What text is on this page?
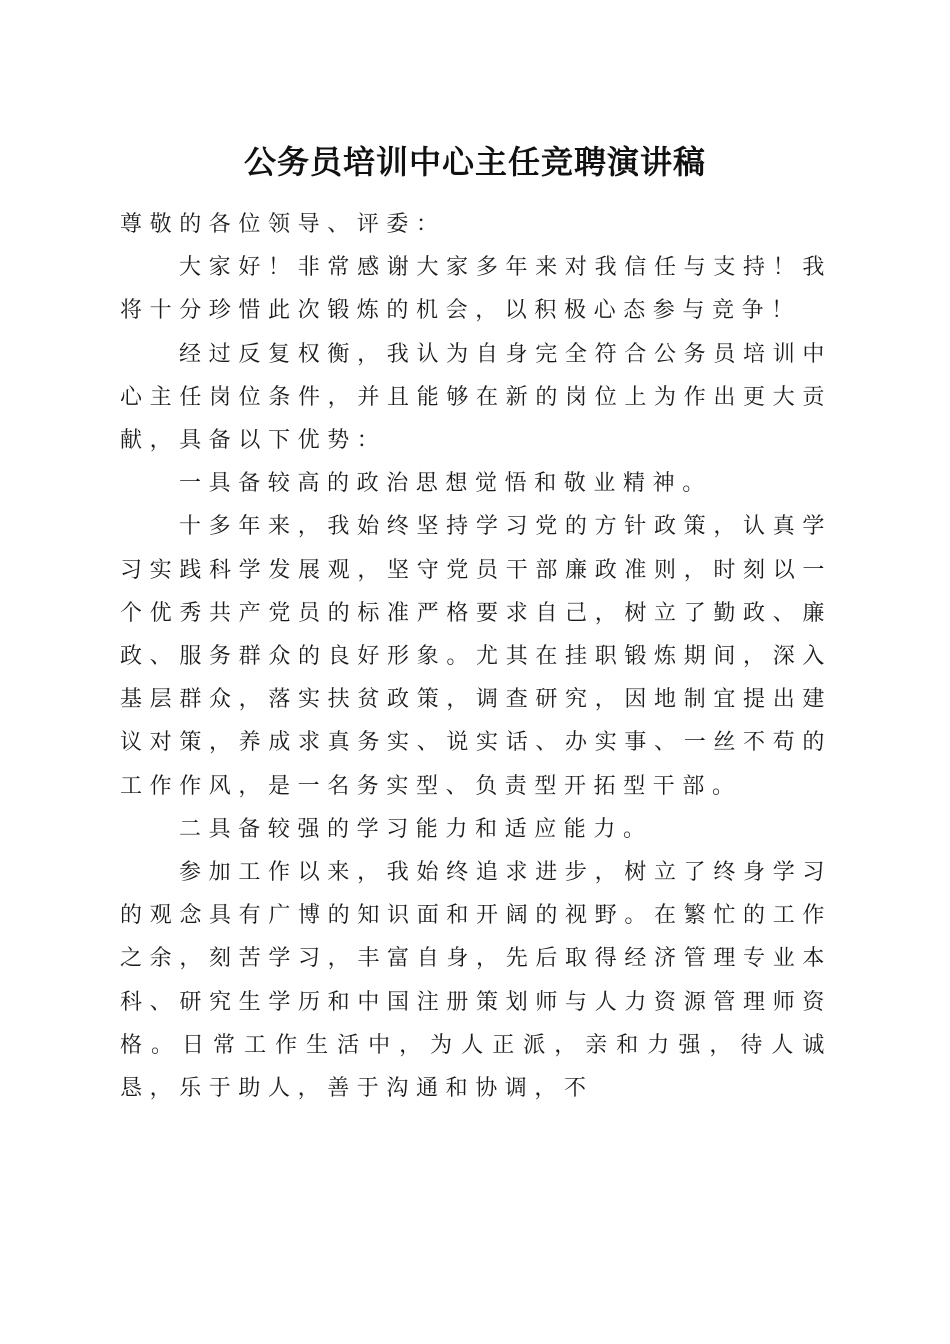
公务员培训中心主任竞聘演讲稿

尊敬的各位领导、评委：

大家好！非常感谢大家多年来对我信任与支持！我将十分珍惜此次锻炼的机会，以积极心态参与竞争！

经过反复权衡，我认为自身完全符合公务员培训中心主任岗位条件，并且能够在新的岗位上为作出更大贡献，具备以下优势：

一具备较高的政治思想觉悟和敬业精神。

十多年来，我始终坚持学习党的方针政策，认真学习实践科学发展观，坚守党员干部廉政准则，时刻以一个优秀共产党员的标准严格要求自己，树立了勤政、廉政、服务群众的良好形象。尤其在挂职锻炼期间，深入基层群众，落实扶贫政策，调查研究，因地制宜提出建议对策，养成求真务实、说实话、办实事、一丝不苟的工作作风，是一名务实型、负责型开拓型干部。

二具备较强的学习能力和适应能力。

参加工作以来，我始终追求进步，树立了终身学习的观念具有广博的知识面和开阔的视野。在繁忙的工作之余，刻苦学习，丰富自身，先后取得经济管理专业本科、研究生学历和中国注册策划师与人力资源管理师资格。日常工作生活中，为人正派，亲和力强，待人诚恳，乐于助人，善于沟通和协调，不
